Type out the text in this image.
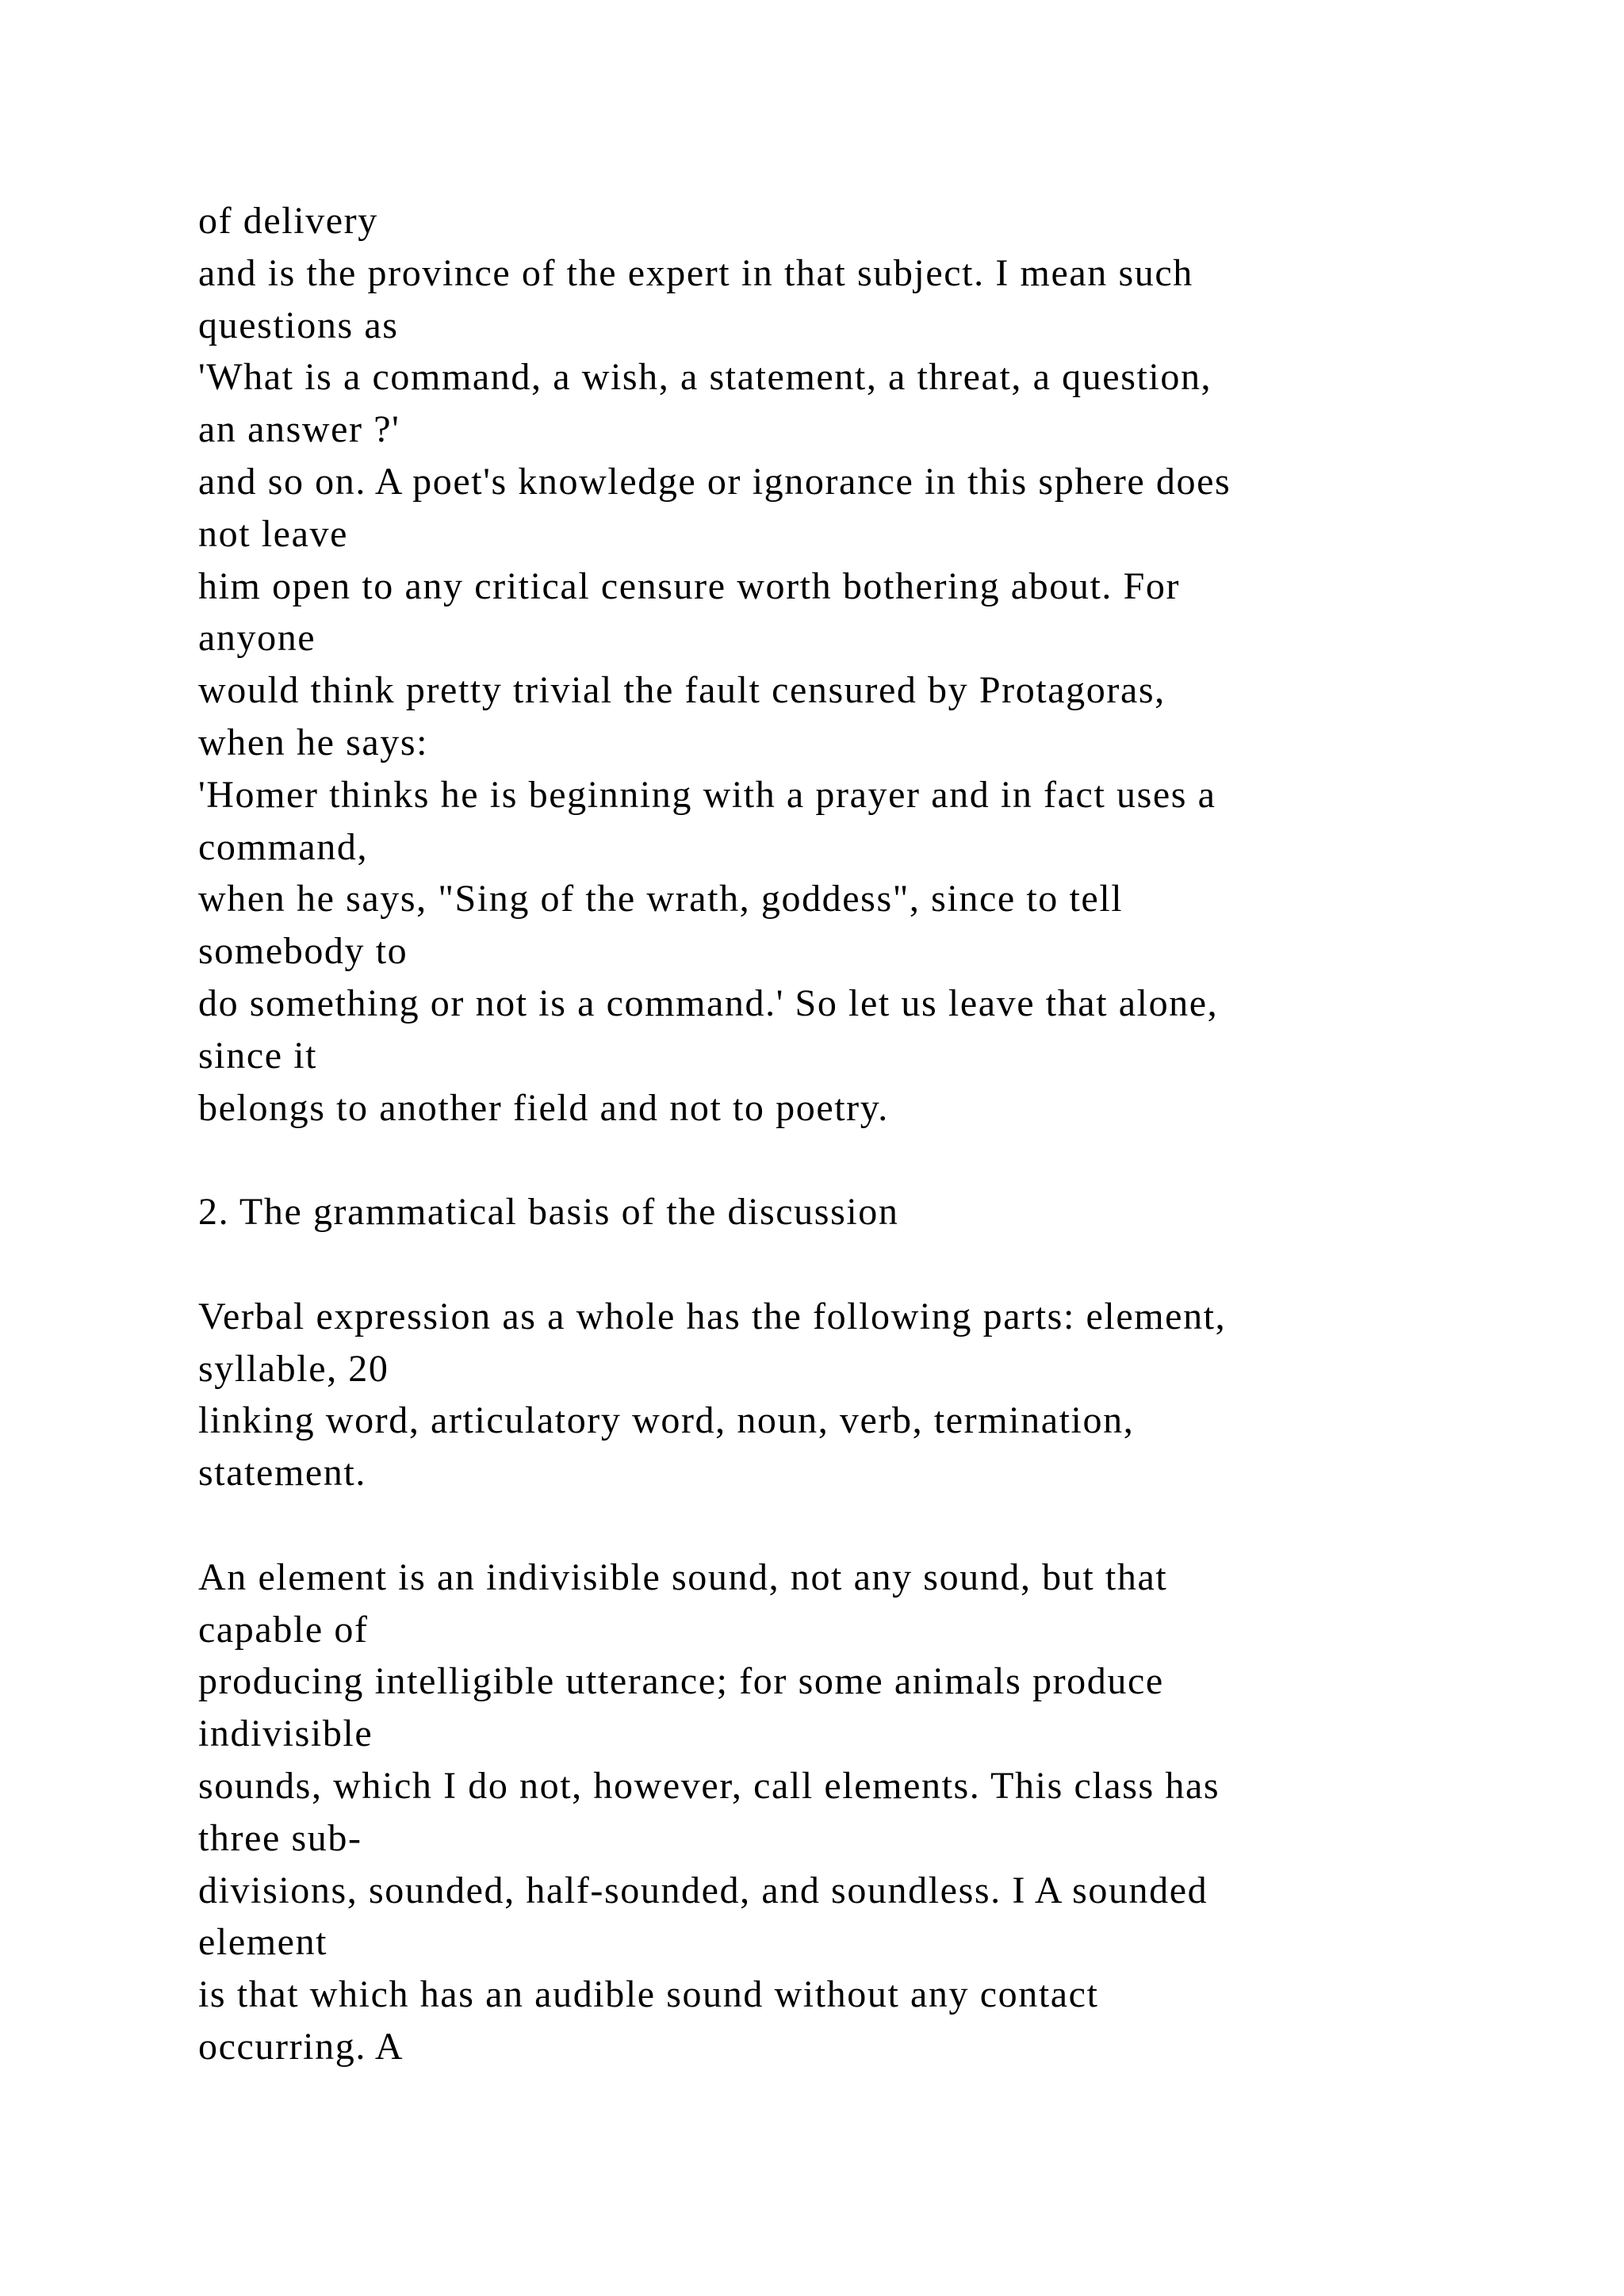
of delivery
and is the province of the expert in that subject. I mean such
questions as
'What is a command, a wish, a statement, a threat, a question,
an answer ?'
and so on. A poet's knowledge or ignorance in this sphere does
not leave
him open to any critical censure worth bothering about. For
anyone
would think pretty trivial the fault censured by Protagoras,
when he says:
'Homer thinks he is beginning with a prayer and in fact uses a
command,
when he says, "Sing of the wrath, goddess", since to tell
somebody to
do something or not is a command.' So let us leave that alone,
since it
belongs to another field and not to poetry.
2. The grammatical basis of the discussion
Verbal expression as a whole has the following parts: element,
syllable, 20
linking word, articulatory word, noun, verb, termination,
statement.
An element is an indivisible sound, not any sound, but that
capable of
producing intelligible utterance; for some animals produce
indivisible
sounds, which I do not, however, call elements. This class has
three sub-
divisions, sounded, half-sounded, and soundless. I A sounded
element
is that which has an audible sound without any contact
occurring. A
